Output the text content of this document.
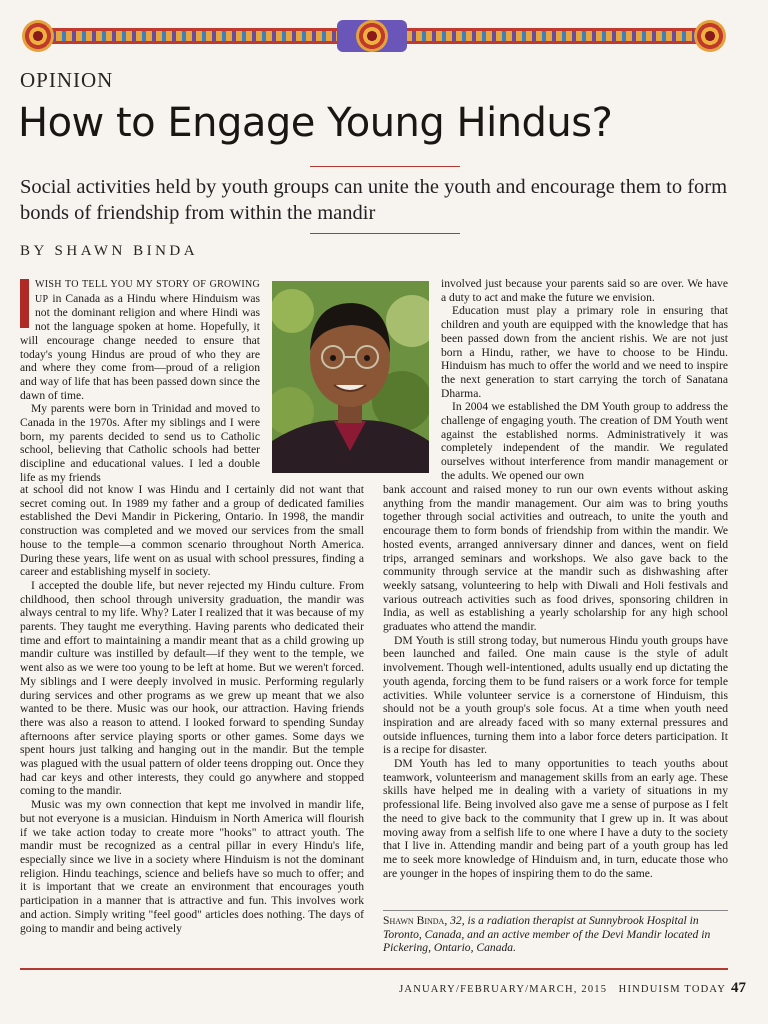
OPINION
How to Engage Young Hindus?
Social activities held by youth groups can unite the youth and encourage them to form bonds of friendship from within the mandir
BY SHAWN BINDA

WISH TO TELL YOU MY STORY OF GROWING UP in Canada as a Hindu where Hinduism was not the dominant religion and where Hindi was not the language spoken at home. Hopefully, it will encourage change needed to ensure that today's young Hindus are proud of who they are and where they come from—proud of a religion and way of life that has been passed down since the dawn of time.

My parents were born in Trinidad and moved to Canada in the 1970s. After my siblings and I were born, my parents decided to send us to Catholic school, believing that Catholic schools had better discipline and educational values. I led a double life as my friends

at school did not know I was Hindu and I certainly did not want that secret coming out. In 1989 my father and a group of dedicated families established the Devi Mandir in Pickering, Ontario. In 1998, the mandir construction was completed and we moved our services from the small house to the temple—a common scenario throughout North America. During these years, life went on as usual with school pressures, finding a career and establishing myself in society.

I accepted the double life, but never rejected my Hindu culture. From childhood, then school through university graduation, the mandir was always central to my life. Why? Later I realized that it was because of my parents. They taught me everything. Having parents who dedicated their time and effort to maintaining a mandir meant that as a child growing up mandir culture was instilled by default—if they went to the temple, we went also as we were too young to be left at home. But we weren't forced. My siblings and I were deeply involved in music. Performing regularly during services and other programs as we grew up meant that we also wanted to be there. Music was our hook, our attraction. Having friends there was also a reason to attend. I looked forward to spending Sunday afternoons after service playing sports or other games. Some days we spent hours just talking and hanging out in the mandir. But the temple was plagued with the usual pattern of older teens dropping out. Once they had car keys and other interests, they could go anywhere and stopped coming to the mandir.

Music was my own connection that kept me involved in mandir life, but not everyone is a musician. Hinduism in North America will flourish if we take action today to create more "hooks" to attract youth. The mandir must be recognized as a central pillar in every Hindu's life, especially since we live in a society where Hinduism is not the dominant religion. Hindu teachings, science and beliefs have so much to offer; and it is important that we create an environment that encourages youth participation in a manner that is attractive and fun. This involves work and action. Simply writing "feel good" articles does nothing. The days of going to mandir and being actively

involved just because your parents said so are over. We have a duty to act and make the future we envision.

Education must play a primary role in ensuring that children and youth are equipped with the knowledge that has been passed down from the ancient rishis. We are not just born a Hindu, rather, we have to choose to be Hindu. Hinduism has much to offer the world and we need to inspire the next generation to start carrying the torch of Sanatana Dharma.

In 2004 we established the DM Youth group to address the challenge of engaging youth. The creation of DM Youth went against the established norms. Administratively it was completely independent of the mandir. We regulated ourselves without interference from mandir management or the adults. We opened our own

bank account and raised money to run our own events without asking anything from the mandir management. Our aim was to bring youths together through social activities and outreach, to unite the youth and encourage them to form bonds of friendship from within the mandir. We hosted events, arranged anniversary dinner and dances, went on field trips, arranged seminars and workshops. We also gave back to the community through service at the mandir such as dishwashing after weekly satsang, volunteering to help with Diwali and Holi festivals and various outreach activities such as food drives, sponsoring children in India, as well as establishing a yearly scholarship for any high school graduates who attend the mandir.

DM Youth is still strong today, but numerous Hindu youth groups have been launched and failed. One main cause is the style of adult involvement. Though well-intentioned, adults usually end up dictating the youth agenda, forcing them to be fund raisers or a work force for temple activities. While volunteer service is a cornerstone of Hinduism, this should not be a youth group's sole focus. At a time when youth need inspiration and are already faced with so many external pressures and outside influences, turning them into a labor force deters participation. It is a recipe for disaster.

DM Youth has led to many opportunities to teach youths about teamwork, volunteerism and management skills from an early age. These skills have helped me in dealing with a variety of situations in my professional life. Being involved also gave me a sense of purpose as I felt the need to give back to the community that I grew up in. It was about moving away from a selfish life to one where I have a duty to the society that I live in. Attending mandir and being part of a youth group has led me to seek more knowledge of Hinduism and, in turn, educate those who are younger in the hopes of inspiring them to do the same.

Shawn Binda, 32, is a radiation therapist at Sunnybrook Hospital in Toronto, Canada, and an active member of the Devi Mandir located in Pickering, Ontario, Canada.
JANUARY/FEBRUARY/MARCH, 2015   HINDUISM TODAY 47
